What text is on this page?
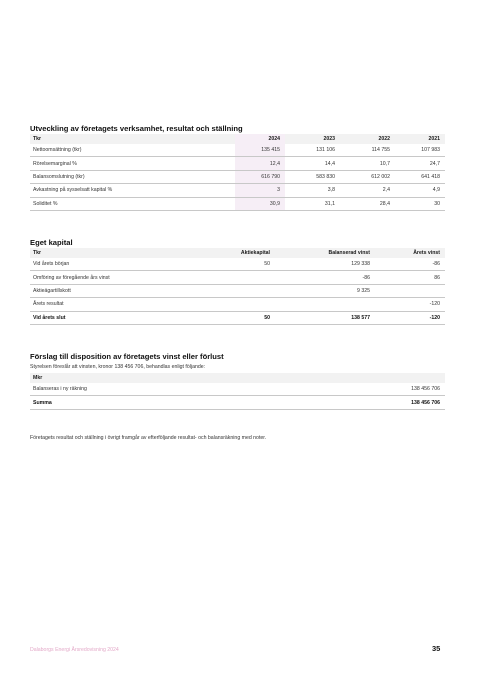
Utveckling av företagets verksamhet, resultat och ställning
Tkr	2024	2023	2022	2021
Nettoomsättning (tkr)	135 415	131 106	114 755	107 983
Rörelsemarginal %	12,4	14,4	10,7	24,7
Balansomslutning (tkr)	616 790	583 830	612 002	641 418
Avkastning på sysselsatt kapital %	3	3,8	2,4	4,9
Soliditet %	30,9	31,1	28,4	30
Eget kapital
Tkr	Aktiekapital	Balanserad vinst	Årets vinst
Vid årets början	50	129 338	-86
Omföring av föregående års vinst		-86	86
Aktieägartillskott		9 325	
Årets resultat			-120
Vid årets slut	50	138 577	-120
Förslag till disposition av företagets vinst eller förlust
Styrelsen föreslår att vinsten, kronor 138 456 706, behandlas enligt följande:
Mkr	
Balanseras i ny räkning	138 456 706
Summa	138 456 706
Företagets resultat och ställning i övrigt framgår av efterföljande resultat- och balansräkning med noter.
Dalaborgs Energi Årsredovisning 2024	35
